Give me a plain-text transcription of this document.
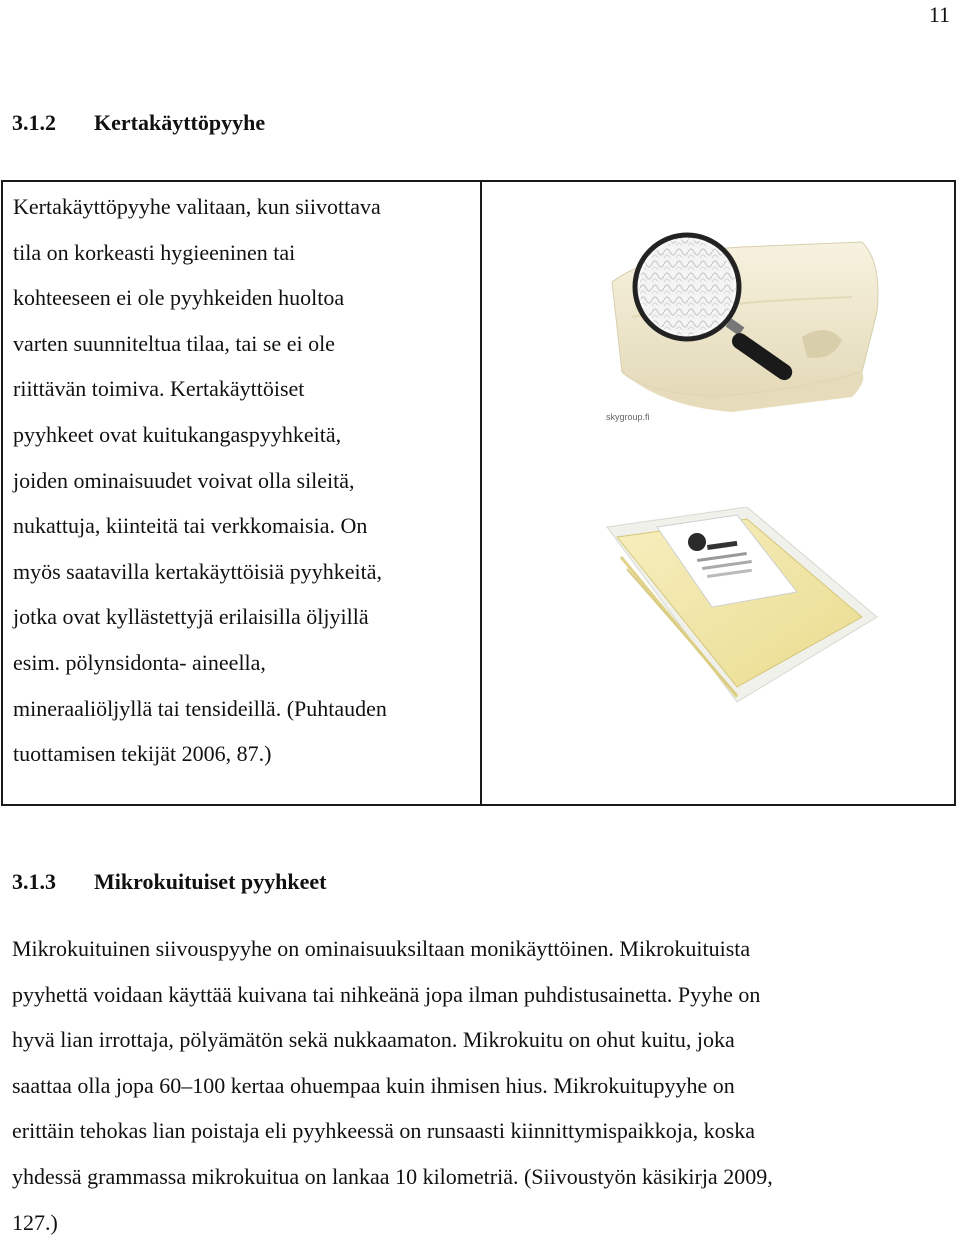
11
3.1.2	Kertakäyttöpyyhe
Kertakäyttöpyyhe valitaan, kun siivottava
tila on korkeasti hygieeninen tai
kohteeseen ei ole pyyhkeiden huoltoa
varten suunniteltua tilaa, tai se ei ole
riittävän toimiva. Kertakäyttöiset
pyyhkeet ovat kuitukangaspyyhkeitä,
joiden ominaisuudet voivat olla sileitä,
nukattuja, kiinteitä tai verkkomaisia. On
myös saatavilla kertakäyttöisiä pyyhkeitä,
jotka ovat kyllästettyjä erilaisilla öljyillä
esim. pölynsidonta- aineella,
mineraaliöljyllä tai tensideillä. (Puhtauden
tuottamisen tekijät 2006, 87.)
skygroup.fi
3.1.3	Mikrokuituiset pyyhkeet
Mikrokuituinen siivouspyyhe on ominaisuuksiltaan monikäyttöinen. Mikrokuituista
pyyhettä voidaan käyttää kuivana tai nihkeänä jopa ilman puhdistusainetta. Pyyhe on
hyvä lian irrottaja, pölyämätön sekä nukkaamaton. Mikrokuitu on ohut kuitu, joka
saattaa olla jopa 60–100 kertaa ohuempaa kuin ihmisen hius. Mikrokuitupyyhe on
erittäin tehokas lian poistaja eli pyyhkeessä on runsaasti kiinnittymispaikkoja, koska
yhdessä grammassa mikrokuitua on lankaa 10 kilometriä. (Siivoustyön käsikirja 2009,
127.)
